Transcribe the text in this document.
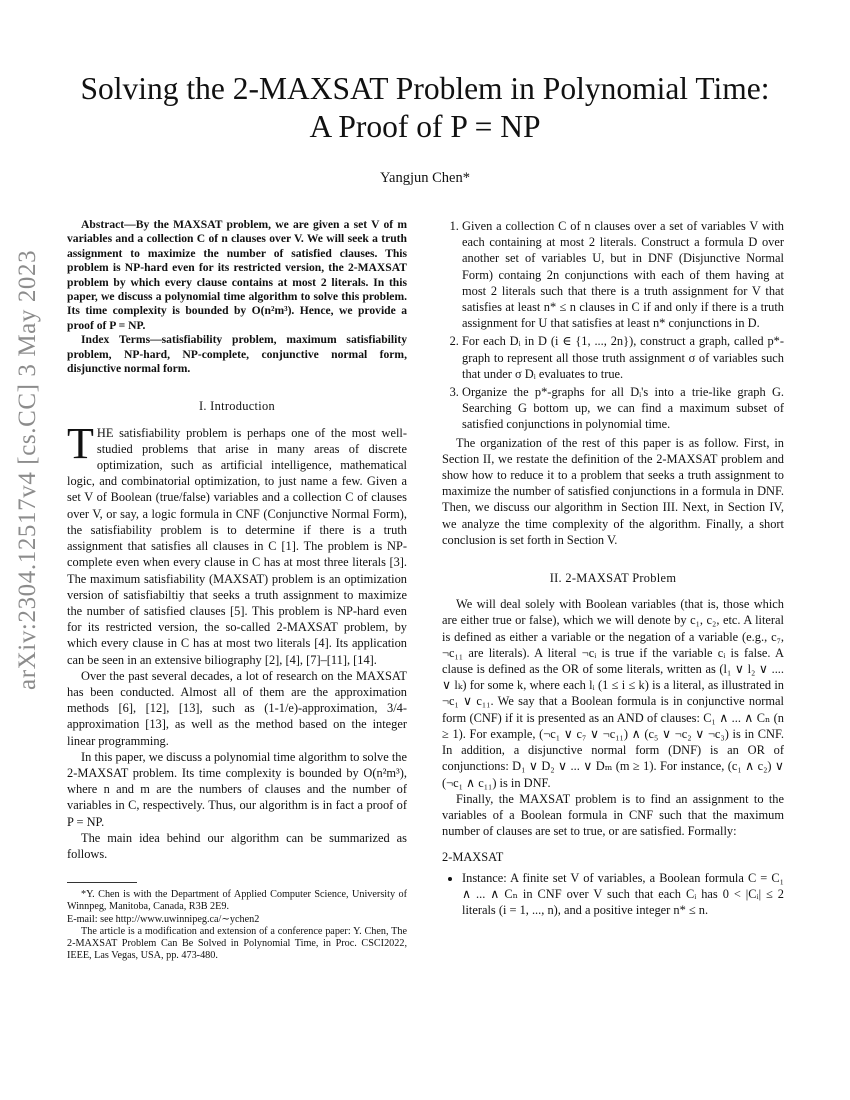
arXiv:2304.12517v4 [cs.CC] 3 May 2023
Solving the 2-MAXSAT Problem in Polynomial Time: A Proof of P = NP
Yangjun Chen*

Abstract—By the MAXSAT problem, we are given a set V of m variables and a collection C of n clauses over V. We will seek a truth assignment to maximize the number of satisfied clauses. This problem is NP-hard even for its restricted version, the 2-MAXSAT problem by which every clause contains at most 2 literals. In this paper, we discuss a polynomial time algorithm to solve this problem. Its time complexity is bounded by O(n²m³). Hence, we provide a proof of P = NP.

Index Terms—satisfiability problem, maximum satisfiability problem, NP-hard, NP-complete, conjunctive normal form, disjunctive normal form.

I. Introduction

THE satisfiability problem is perhaps one of the most well-studied problems that arise in many areas of discrete optimization, such as artificial intelligence, mathematical logic, and combinatorial optimization, to just name a few. Given a set V of Boolean (true/false) variables and a collection C of clauses over V, or say, a logic formula in CNF (Conjunctive Normal Form), the satisfiability problem is to determine if there is a truth assignment that satisfies all clauses in C [1]. The problem is NP-complete even when every clause in C has at most three literals [3]. The maximum satisfiability (MAXSAT) problem is an optimization version of satisfiabiltiy that seeks a truth assignment to maximize the number of satisfied clauses [5]. This problem is NP-hard even for its restricted version, the so-called 2-MAXSAT problem, by which every clause in C has at most two literals [4]. Its application can be seen in an extensive biliography [2], [4], [7]–[11], [14].

Over the past several decades, a lot of research on the MAXSAT has been conducted. Almost all of them are the approximation methods [6], [12], [13], such as (1-1/e)-approximation, 3/4-approximation [13], as well as the method based on the integer linear programming.

In this paper, we discuss a polynomial time algorithm to solve the 2-MAXSAT problem. Its time complexity is bounded by O(n²m³), where n and m are the numbers of clauses and the number of variables in C, respectively. Thus, our algorithm is in fact a proof of P = NP.

The main idea behind our algorithm can be summarized as follows.

*Y. Chen is with the Department of Applied Computer Science, University of Winnpeg, Manitoba, Canada, R3B 2E9.

E-mail: see http://www.uwinnipeg.ca/∼ychen2

The article is a modification and extension of a conference paper: Y. Chen, The 2-MAXSAT Problem Can Be Solved in Polynomial Time, in Proc. CSCI2022, IEEE, Las Vegas, USA, pp. 473-480.

1. Given a collection C of n clauses over a set of variables V with each containing at most 2 literals. Construct a formula D over another set of variables U, but in DNF (Disjunctive Normal Form) containg 2n conjunctions with each of them having at most 2 literals such that there is a truth assignment for V that satisfies at least n* ≤ n clauses in C if and only if there is a truth assignment for U that satisfies at least n* conjunctions in D.
2. For each Dᵢ in D (i ∈ {1, ..., 2n}), construct a graph, called p*-graph to represent all those truth assignment σ of variables such that under σ Dᵢ evaluates to true.
3. Organize the p*-graphs for all Dᵢ's into a trie-like graph G. Searching G bottom up, we can find a maximum subset of satisfied conjunctions in polynomial time.

The organization of the rest of this paper is as follow. First, in Section II, we restate the definition of the 2-MAXSAT problem and show how to reduce it to a problem that seeks a truth assignment to maximize the number of satisfied conjunctions in a formula in DNF. Then, we discuss our algorithm in Section III. Next, in Section IV, we analyze the time complexity of the algorithm. Finally, a short conclusion is set forth in Section V.

II. 2-MAXSAT Problem

We will deal solely with Boolean variables (that is, those which are either true or false), which we will denote by c₁, c₂, etc. A literal is defined as either a variable or the negation of a variable (e.g., c₇, ¬c₁₁ are literals). A literal ¬cᵢ is true if the variable cᵢ is false. A clause is defined as the OR of some literals, written as (l₁ ∨ l₂ ∨ .... ∨ lₖ) for some k, where each lᵢ (1 ≤ i ≤ k) is a literal, as illustrated in ¬c₁ ∨ c₁₁. We say that a Boolean formula is in conjunctive normal form (CNF) if it is presented as an AND of clauses: C₁ ∧ ... ∧ Cₙ (n ≥ 1). For example, (¬c₁ ∨ c₇ ∨ ¬c₁₁) ∧ (c₅ ∨ ¬c₂ ∨ ¬c₃) is in CNF. In addition, a disjunctive normal form (DNF) is an OR of conjunctions: D₁ ∨ D₂ ∨ ... ∨ Dₘ (m ≥ 1). For instance, (c₁ ∧ c₂) ∨ (¬c₁ ∧ c₁₁) is in DNF.

Finally, the MAXSAT problem is to find an assignment to the variables of a Boolean formula in CNF such that the maximum number of clauses are set to true, or are satisfied. Formally:

2-MAXSAT

• Instance: A finite set V of variables, a Boolean formula C = C₁ ∧ ... ∧ Cₙ in CNF over V such that each Cᵢ has 0 < |Cᵢ| ≤ 2 literals (i = 1, ..., n), and a positive integer n* ≤ n.
